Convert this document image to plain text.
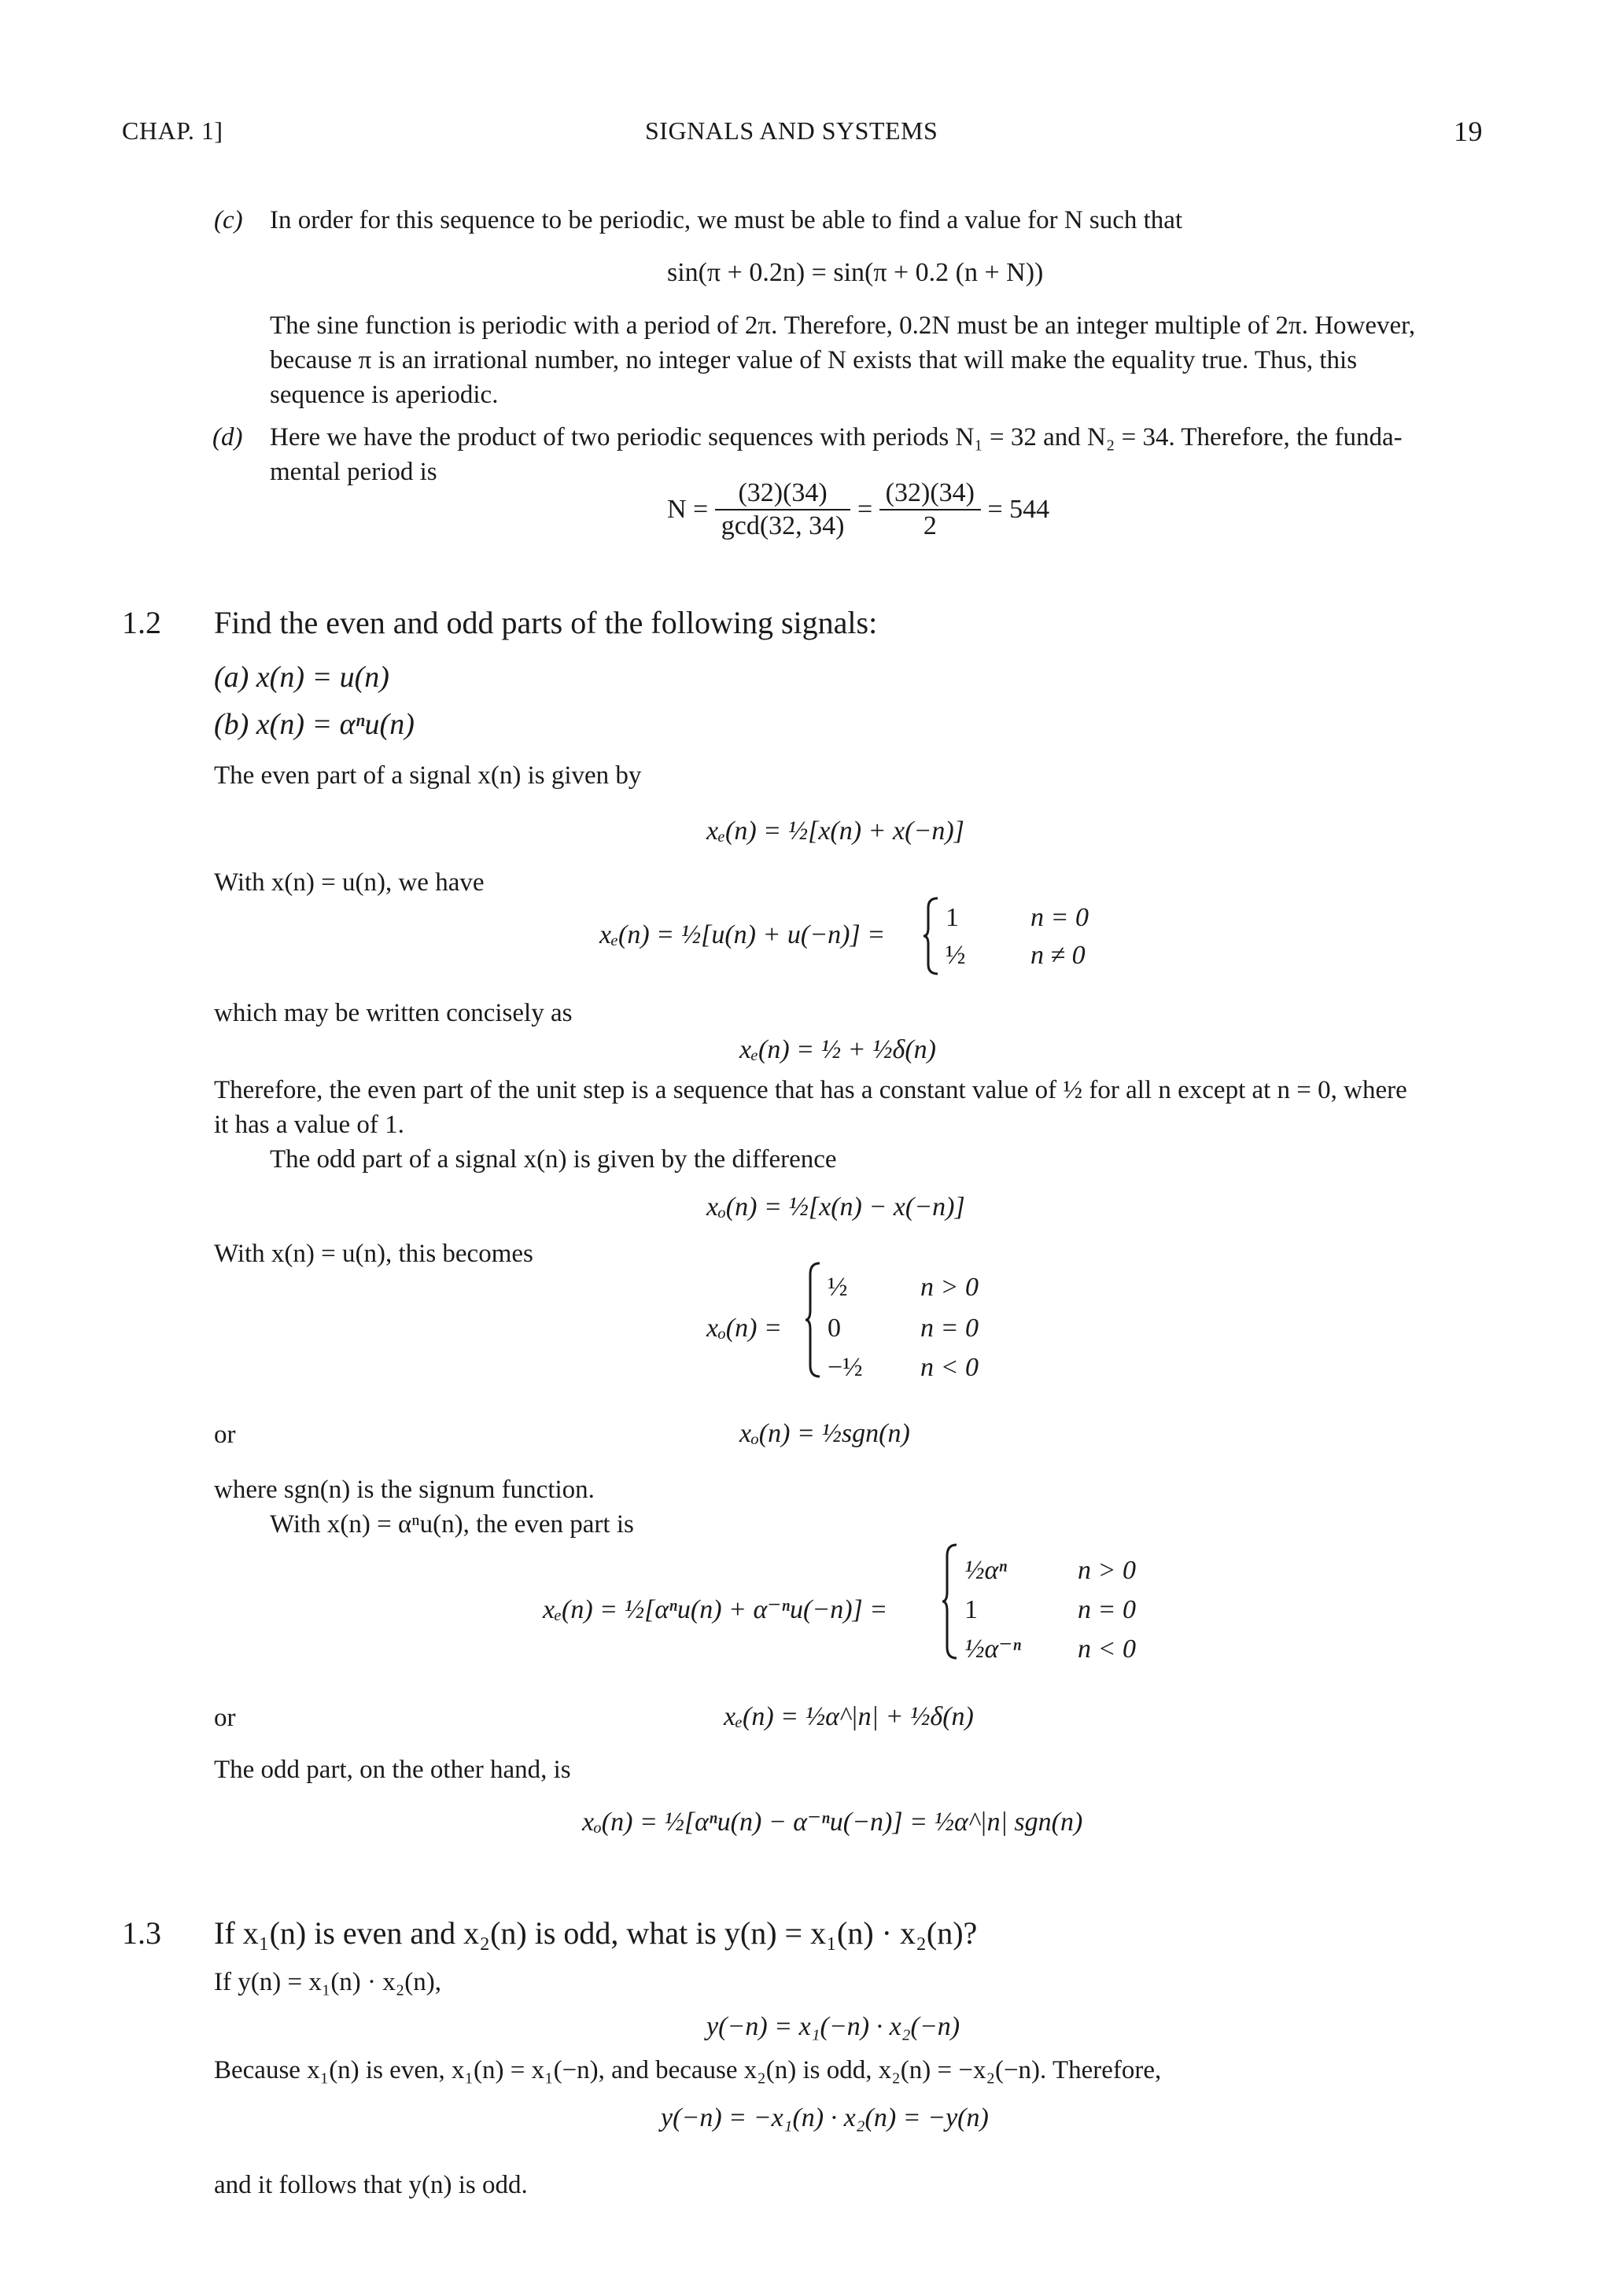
CHAP. 1]	SIGNALS AND SYSTEMS	19
(c) In order for this sequence to be periodic, we must be able to find a value for N such that
sin(π + 0.2n) = sin(π + 0.2 (n + N))
The sine function is periodic with a period of 2π. Therefore, 0.2N must be an integer multiple of 2π. However,
because π is an irrational number, no integer value of N exists that will make the equality true. Thus, this
sequence is aperiodic.
(d) Here we have the product of two periodic sequences with periods N₁ = 32 and N₂ = 34. Therefore, the funda-
mental period is
$N = \frac{(32)(34)}{\gcd(32, 34)} = \frac{(32)(34)}{2} = 544$
1.2 Find the even and odd parts of the following signals:
(a) x(n) = u(n)
(b) x(n) = αⁿu(n)
The even part of a signal x(n) is given by
xₑ(n) = ½[x(n) + x(−n)]
With x(n) = u(n), we have
xₑ(n) = ½[u(n) + u(−n)] =
1	n = 0
½ n ≠ 0
which may be written concisely as
xₑ(n) = ½ + ½δ(n)
Therefore, the even part of the unit step is a sequence that has a constant value of ½ for all n except at n = 0, where
it has a value of 1.
The odd part of a signal x(n) is given by the difference
xₒ(n) = ½[x(n) − x(−n)]
With x(n) = u(n), this becomes
xₒ(n) =
½	n > 0
0	n = 0
−½ n < 0
or	xₒ(n) = ½sgn(n)
where sgn(n) is the signum function.
With x(n) = αⁿu(n), the even part is
xₑ(n) = ½[αⁿu(n) + α⁻ⁿu(−n)] =
½αⁿ	n > 0
1	n = 0
½α⁻ⁿ n < 0
or	xₑ(n) = ½α^|n| + ½δ(n)
The odd part, on the other hand, is
xₒ(n) = ½[αⁿu(n) − α⁻ⁿu(−n)] = ½α^|n| sgn(n)
1.3 If x₁(n) is even and x₂(n) is odd, what is y(n) = x₁(n) · x₂(n)?
If y(n) = x₁(n) · x₂(n),
y(−n) = x₁(−n) · x₂(−n)
Because x₁(n) is even, x₁(n) = x₁(−n), and because x₂(n) is odd, x₂(n) = −x₂(−n). Therefore,
y(−n) = −x₁(n) · x₂(n) = −y(n)
and it follows that y(n) is odd.
